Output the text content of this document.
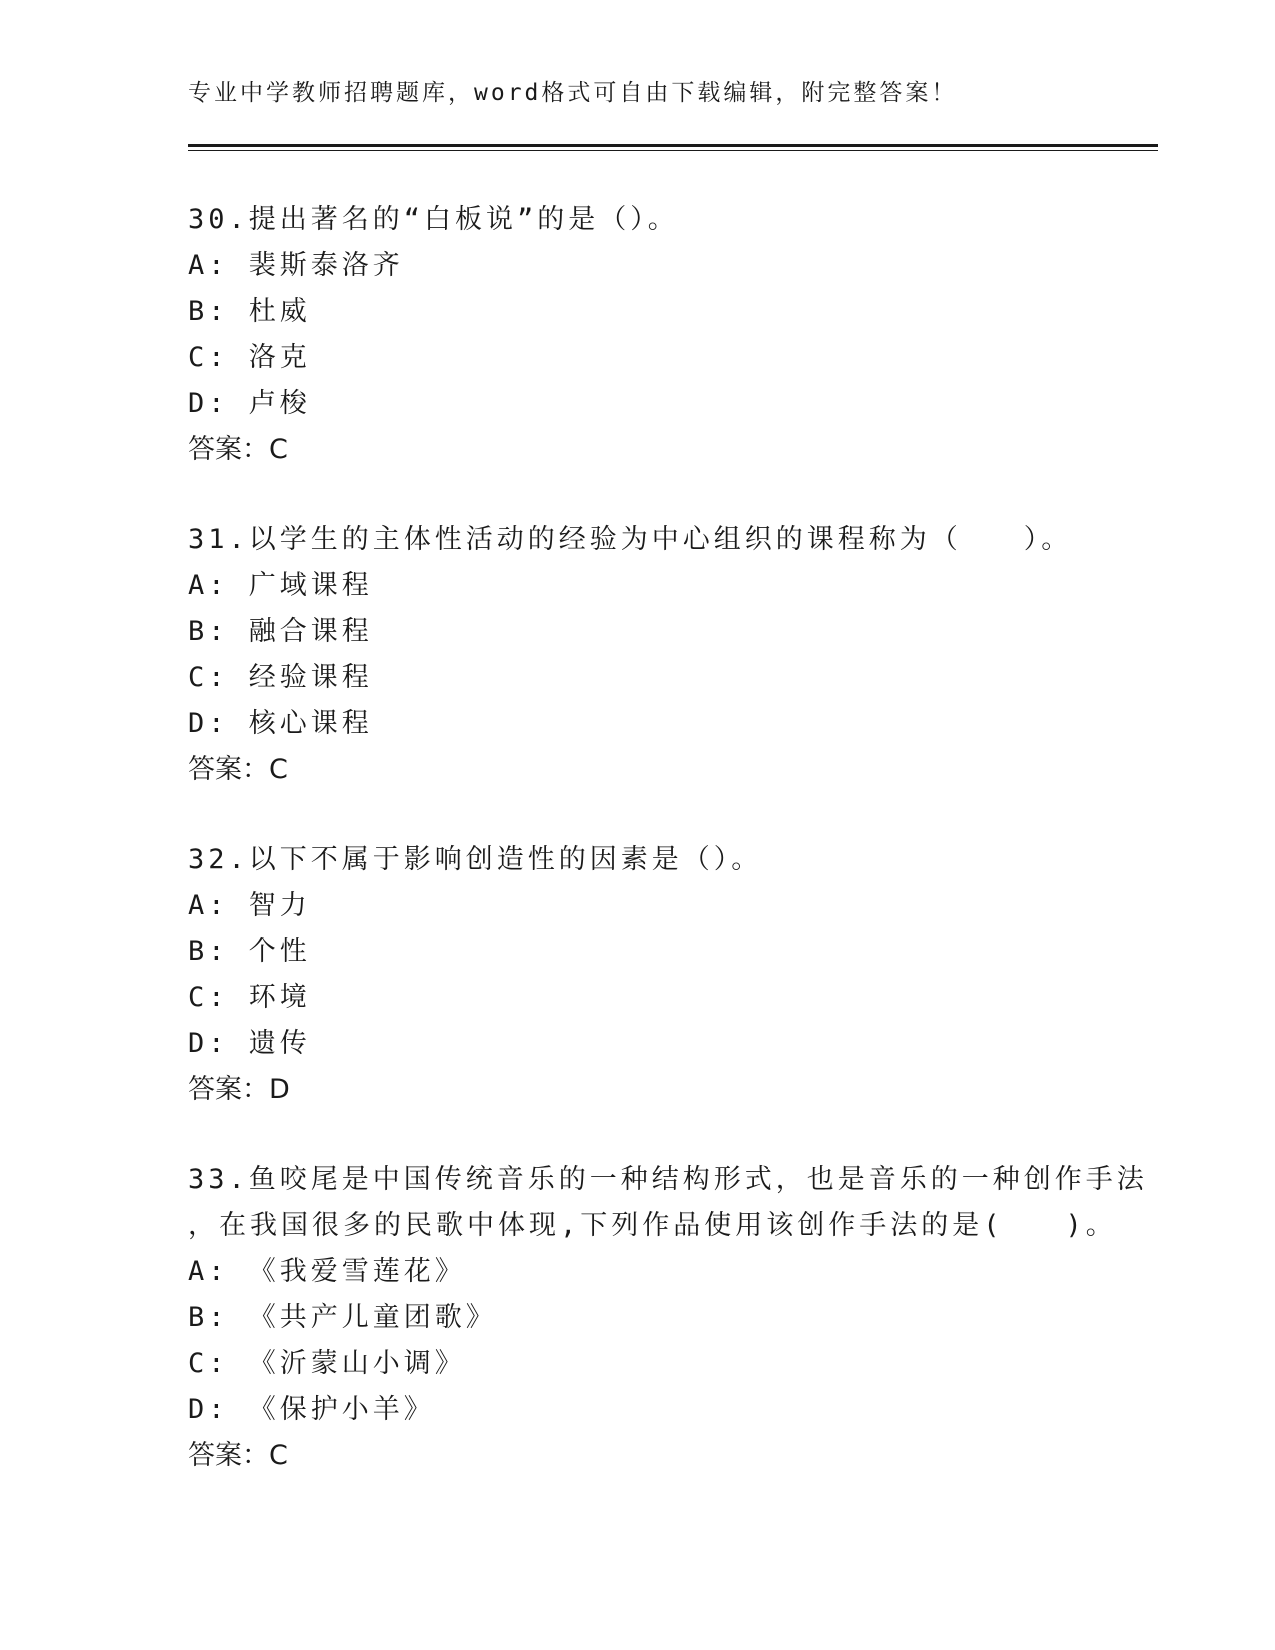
专业中学教师招聘题库，word格式可自由下载编辑，附完整答案！
30.提出著名的“白板说”的是（）。
A: 裴斯泰洛齐
B: 杜威
C: 洛克
D: 卢梭
答案：C
31.以学生的主体性活动的经验为中心组织的课程称为（　　）。
A: 广域课程
B: 融合课程
C: 经验课程
D: 核心课程
答案：C
32.以下不属于影响创造性的因素是（）。
A: 智力
B: 个性
C: 环境
D: 遗传
答案：D
33.鱼咬尾是中国传统音乐的一种结构形式，也是音乐的一种创作手法
，在我国很多的民歌中体现,下列作品使用该创作手法的是(　　)。
A: 《我爱雪莲花》
B: 《共产儿童团歌》
C: 《沂蒙山小调》
D: 《保护小羊》
答案：C
